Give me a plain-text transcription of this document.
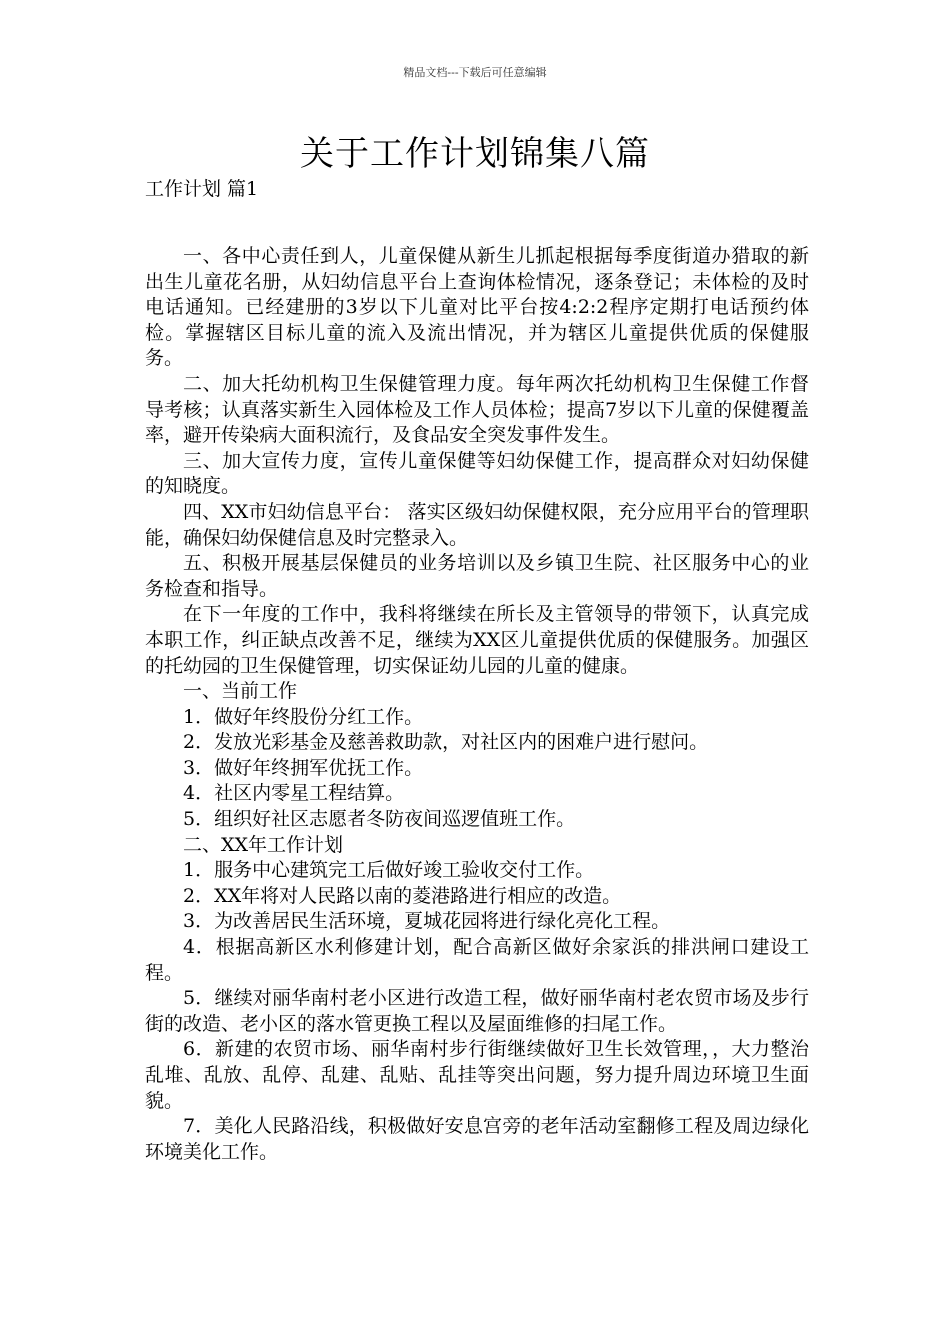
精品文档---下载后可任意编辑
关于工作计划锦集八篇
工作计划 篇1

一、各中心责任到人，儿童保健从新生儿抓起根据每季度街道办猎取的新出生儿童花名册，从妇幼信息平台上查询体检情况，逐条登记；未体检的及时电话通知。已经建册的3岁以下儿童对比平台按4:2:2程序定期打电话预约体检。掌握辖区目标儿童的流入及流出情况，并为辖区儿童提供优质的保健服务。

二、加大托幼机构卫生保健管理力度。每年两次托幼机构卫生保健工作督导考核；认真落实新生入园体检及工作人员体检；提高7岁以下儿童的保健覆盖率，避开传染病大面积流行，及食品安全突发事件发生。

三、加大宣传力度，宣传儿童保健等妇幼保健工作，提高群众对妇幼保健的知晓度。

四、XX市妇幼信息平台： 落实区级妇幼保健权限，充分应用平台的管理职能，确保妇幼保健信息及时完整录入。

五、积极开展基层保健员的业务培训以及乡镇卫生院、社区服务中心的业务检查和指导。

在下一年度的工作中，我科将继续在所长及主管领导的带领下，认真完成本职工作，纠正缺点改善不足，继续为XX区儿童提供优质的保健服务。加强区的托幼园的卫生保健管理，切实保证幼儿园的儿童的健康。

一、当前工作

1．做好年终股份分红工作。

2．发放光彩基金及慈善救助款，对社区内的困难户进行慰问。

3．做好年终拥军优抚工作。

4．社区内零星工程结算。

5．组织好社区志愿者冬防夜间巡逻值班工作。

二、XX年工作计划

1．服务中心建筑完工后做好竣工验收交付工作。

2．XX年将对人民路以南的菱港路进行相应的改造。

3．为改善居民生活环境，夏城花园将进行绿化亮化工程。

4．根据高新区水利修建计划，配合高新区做好余家浜的排洪闸口建设工程。

5．继续对丽华南村老小区进行改造工程，做好丽华南村老农贸市场及步行街的改造、老小区的落水管更换工程以及屋面维修的扫尾工作。

6．新建的农贸市场、丽华南村步行街继续做好卫生长效管理，，大力整治乱堆、乱放、乱停、乱建、乱贴、乱挂等突出问题，努力提升周边环境卫生面貌。

7．美化人民路沿线，积极做好安息宫旁的老年活动室翻修工程及周边绿化环境美化工作。
